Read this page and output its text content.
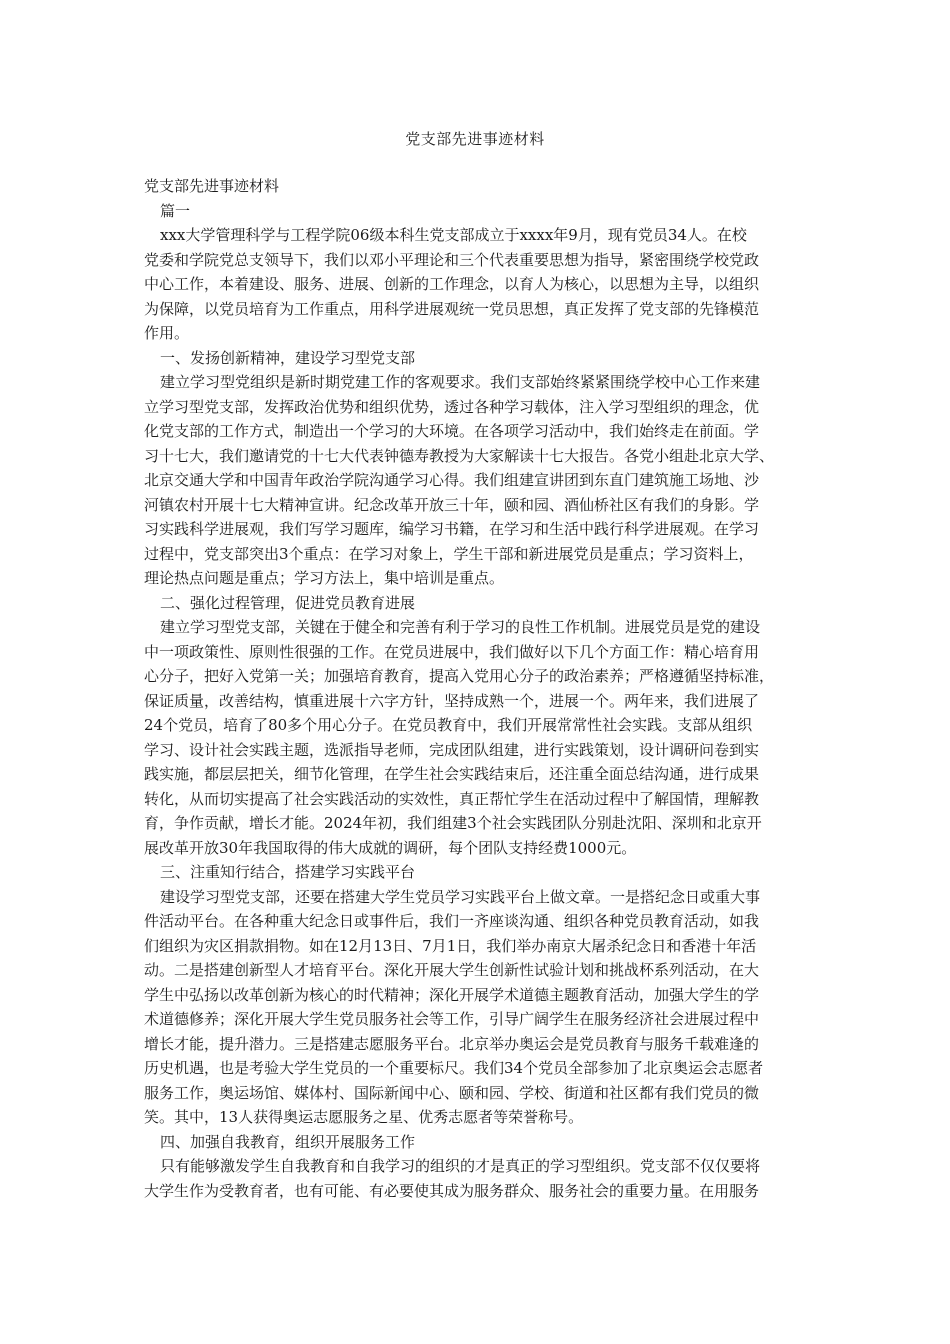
党支部先进事迹材料
党支部先进事迹材料
篇一
xxx大学管理科学与工程学院06级本科生党支部成立于xxxx年9月，现有党员34人。在校
党委和学院党总支领导下，我们以邓小平理论和三个代表重要思想为指导，紧密围绕学校党政
中心工作，本着建设、服务、进展、创新的工作理念，以育人为核心，以思想为主导，以组织
为保障，以党员培育为工作重点，用科学进展观统一党员思想，真正发挥了党支部的先锋模范
作用。
一、发扬创新精神，建设学习型党支部
建立学习型党组织是新时期党建工作的客观要求。我们支部始终紧紧围绕学校中心工作来建
立学习型党支部，发挥政治优势和组织优势，透过各种学习载体，注入学习型组织的理念，优
化党支部的工作方式，制造出一个学习的大环境。在各项学习活动中，我们始终走在前面。学
习十七大，我们邀请党的十七大代表钟德寿教授为大家解读十七大报告。各党小组赴北京大学、
北京交通大学和中国青年政治学院沟通学习心得。我们组建宣讲团到东直门建筑施工场地、沙
河镇农村开展十七大精神宣讲。纪念改革开放三十年，颐和园、酒仙桥社区有我们的身影。学
习实践科学进展观，我们写学习题库，编学习书籍，在学习和生活中践行科学进展观。在学习
过程中，党支部突出3个重点：在学习对象上，学生干部和新进展党员是重点；学习资料上，
理论热点问题是重点；学习方法上，集中培训是重点。
二、强化过程管理，促进党员教育进展
建立学习型党支部，关键在于健全和完善有利于学习的良性工作机制。进展党员是党的建设
中一项政策性、原则性很强的工作。在党员进展中，我们做好以下几个方面工作：精心培育用
心分子，把好入党第一关；加强培育教育，提高入党用心分子的政治素养；严格遵循坚持标准，
保证质量，改善结构，慎重进展十六字方针，坚持成熟一个，进展一个。两年来，我们进展了
24个党员，培育了80多个用心分子。在党员教育中，我们开展常常性社会实践。支部从组织
学习、设计社会实践主题，选派指导老师，完成团队组建，进行实践策划，设计调研问卷到实
践实施，都层层把关，细节化管理，在学生社会实践结束后，还注重全面总结沟通，进行成果
转化，从而切实提高了社会实践活动的实效性，真正帮忙学生在活动过程中了解国情，理解教
育，争作贡献，增长才能。2024年初，我们组建3个社会实践团队分别赴沈阳、深圳和北京开
展改革开放30年我国取得的伟大成就的调研，每个团队支持经费1000元。
三、注重知行结合，搭建学习实践平台
建设学习型党支部，还要在搭建大学生党员学习实践平台上做文章。一是搭纪念日或重大事
件活动平台。在各种重大纪念日或事件后，我们一齐座谈沟通、组织各种党员教育活动，如我
们组织为灾区捐款捐物。如在12月13日、7月1日，我们举办南京大屠杀纪念日和香港十年活
动。二是搭建创新型人才培育平台。深化开展大学生创新性试验计划和挑战杯系列活动，在大
学生中弘扬以改革创新为核心的时代精神；深化开展学术道德主题教育活动，加强大学生的学
术道德修养；深化开展大学生党员服务社会等工作，引导广阔学生在服务经济社会进展过程中
增长才能，提升潜力。三是搭建志愿服务平台。北京举办奥运会是党员教育与服务千载难逢的
历史机遇，也是考验大学生党员的一个重要标尺。我们34个党员全部参加了北京奥运会志愿者
服务工作，奥运场馆、媒体村、国际新闻中心、颐和园、学校、街道和社区都有我们党员的微
笑。其中，13人获得奥运志愿服务之星、优秀志愿者等荣誉称号。
四、加强自我教育，组织开展服务工作
只有能够激发学生自我教育和自我学习的组织的才是真正的学习型组织。党支部不仅仅要将
大学生作为受教育者，也有可能、有必要使其成为服务群众、服务社会的重要力量。在用服务
